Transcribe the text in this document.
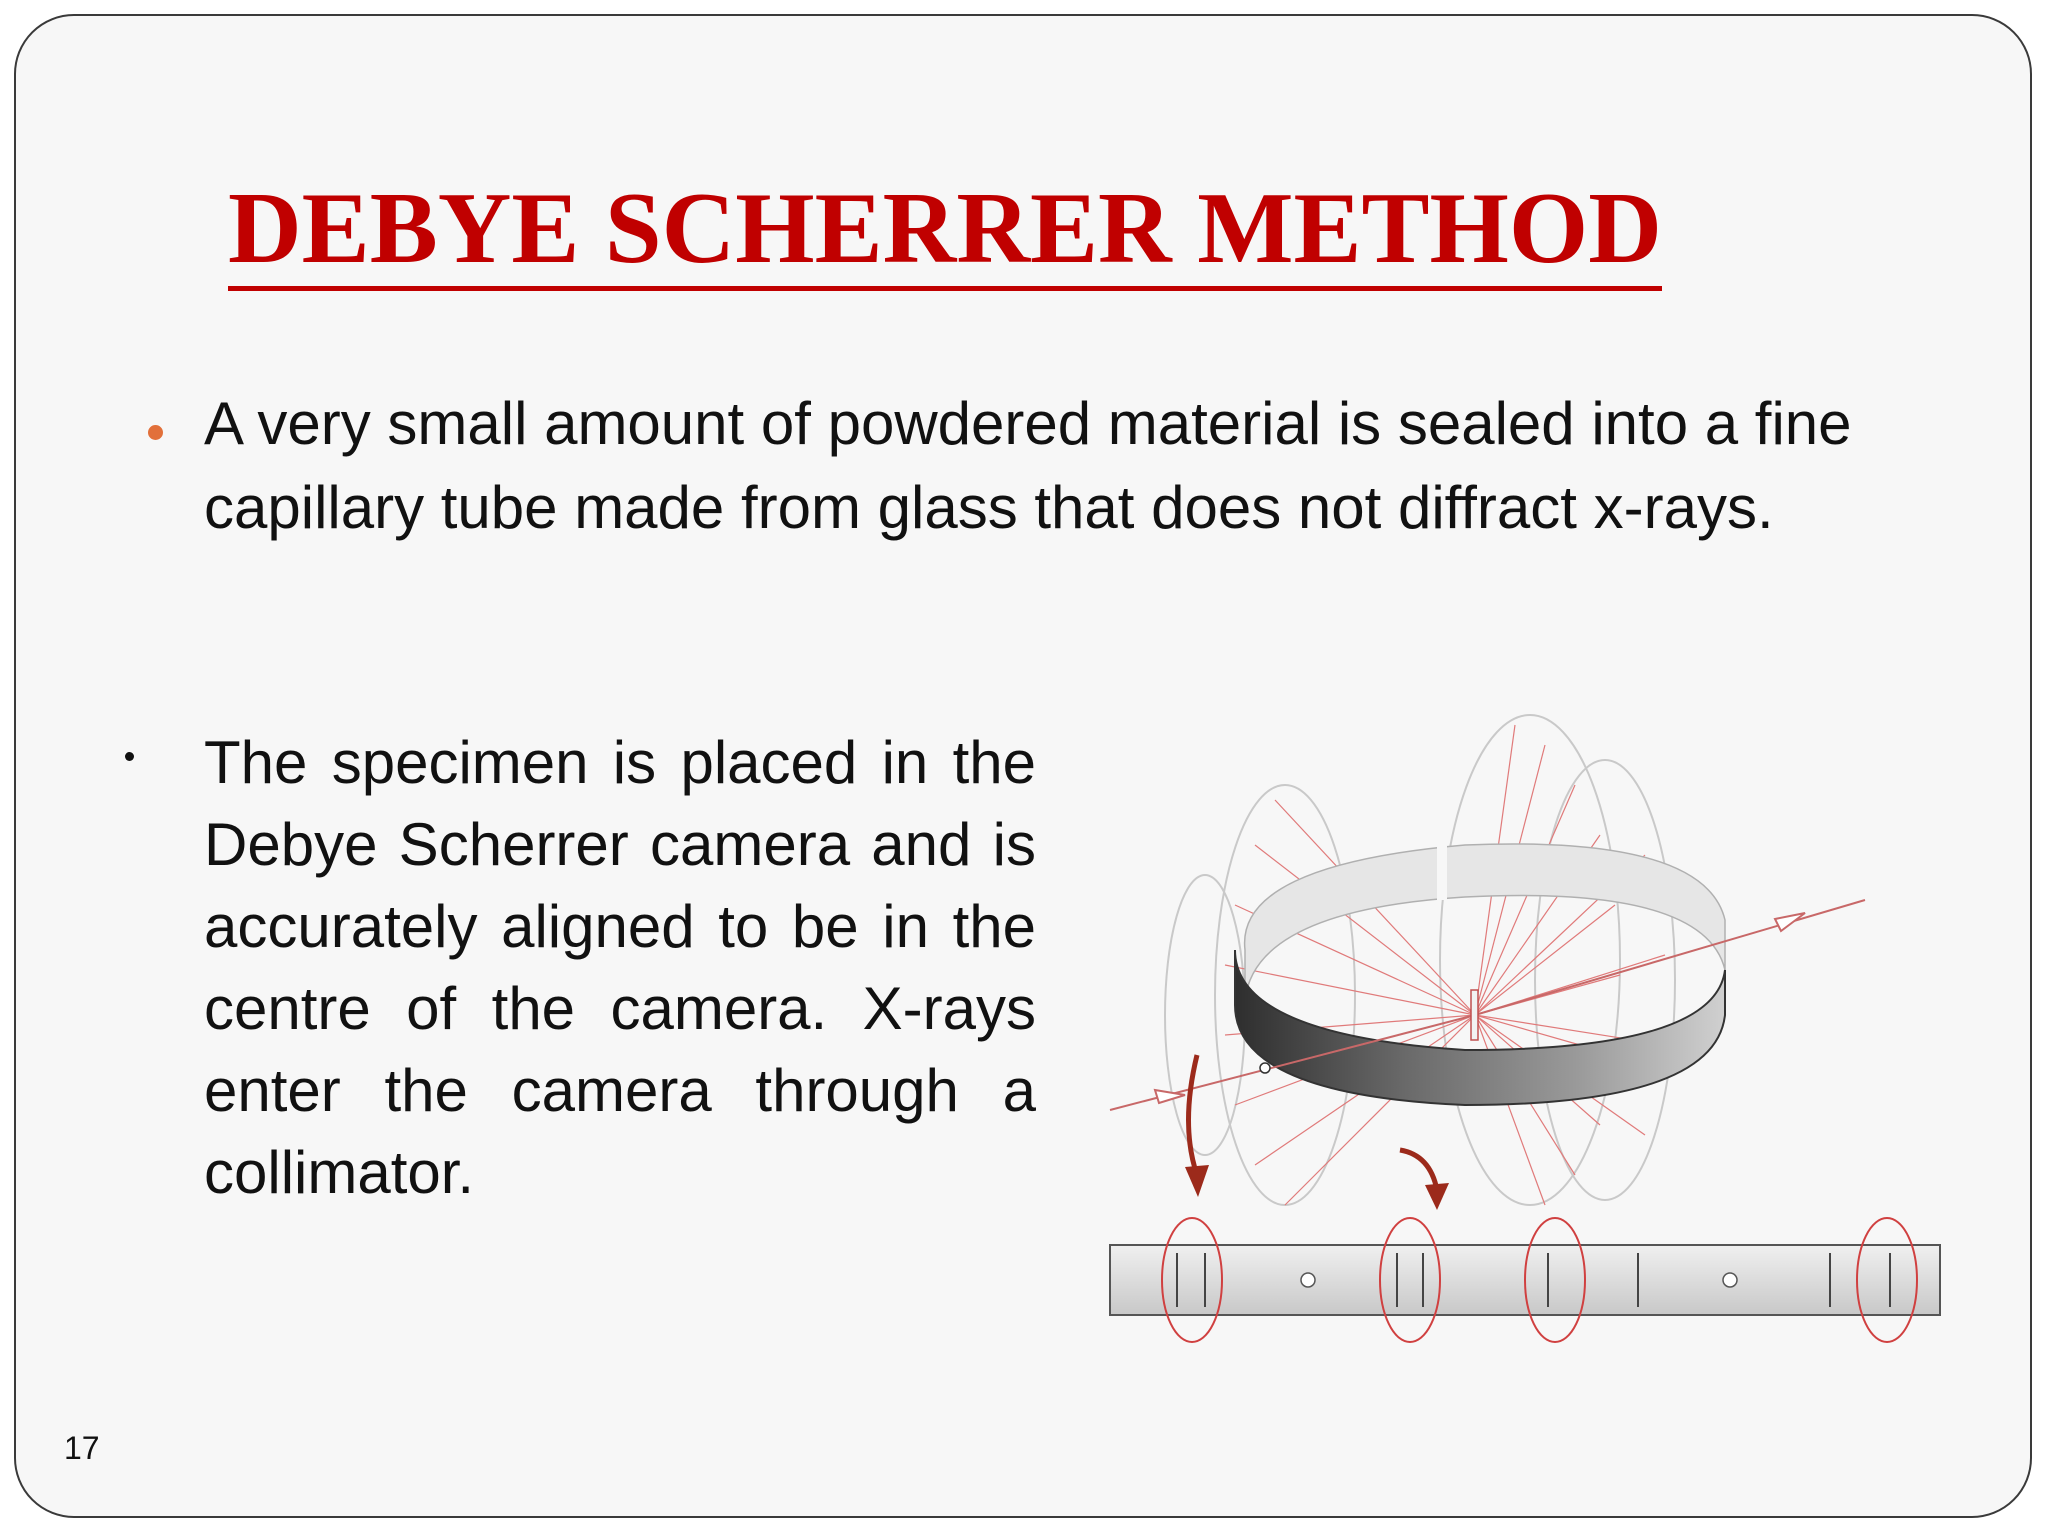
DEBYE SCHERRER METHOD

A very small amount of powdered material is sealed into a fine capillary tube made from glass that does not diffract x-rays.

The specimen is placed in the Debye Scherrer camera and is accurately aligned to be in the centre of the camera. X-rays enter the camera through a collimator.

17
